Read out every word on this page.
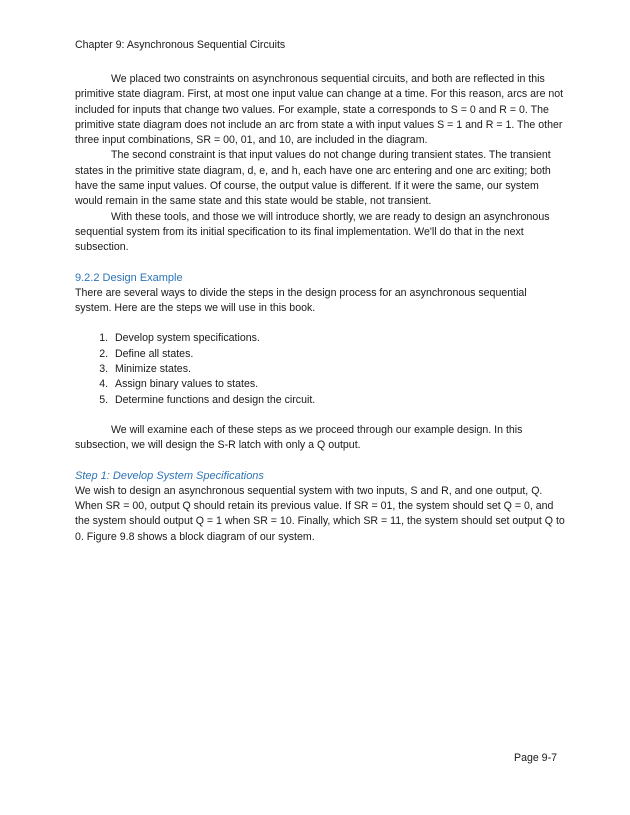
Chapter 9: Asynchronous Sequential Circuits

We placed two constraints on asynchronous sequential circuits, and both are reflected in this primitive state diagram. First, at most one input value can change at a time. For this reason, arcs are not included for inputs that change two values. For example, state a corresponds to S = 0 and R = 0. The primitive state diagram does not include an arc from state a with input values S = 1 and R = 1. The other three input combinations, SR = 00, 01, and 10, are included in the diagram.

The second constraint is that input values do not change during transient states. The transient states in the primitive state diagram, d, e, and h, each have one arc entering and one arc exiting; both have the same input values. Of course, the output value is different. If it were the same, our system would remain in the same state and this state would be stable, not transient.

With these tools, and those we will introduce shortly, we are ready to design an asynchronous sequential system from its initial specification to its final implementation. We'll do that in the next subsection.

9.2.2 Design Example

There are several ways to divide the steps in the design process for an asynchronous sequential system. Here are the steps we will use in this book.

1. Develop system specifications.
2. Define all states.
3. Minimize states.
4. Assign binary values to states.
5. Determine functions and design the circuit.

We will examine each of these steps as we proceed through our example design. In this subsection, we will design the S-R latch with only a Q output.

Step 1: Develop System Specifications

We wish to design an asynchronous sequential system with two inputs, S and R, and one output, Q. When SR = 00, output Q should retain its previous value. If SR = 01, the system should set Q = 0, and the system should output Q = 1 when SR = 10. Finally, which SR = 11, the system should set output Q to 0. Figure 9.8 shows a block diagram of our system.

Page 9-7
